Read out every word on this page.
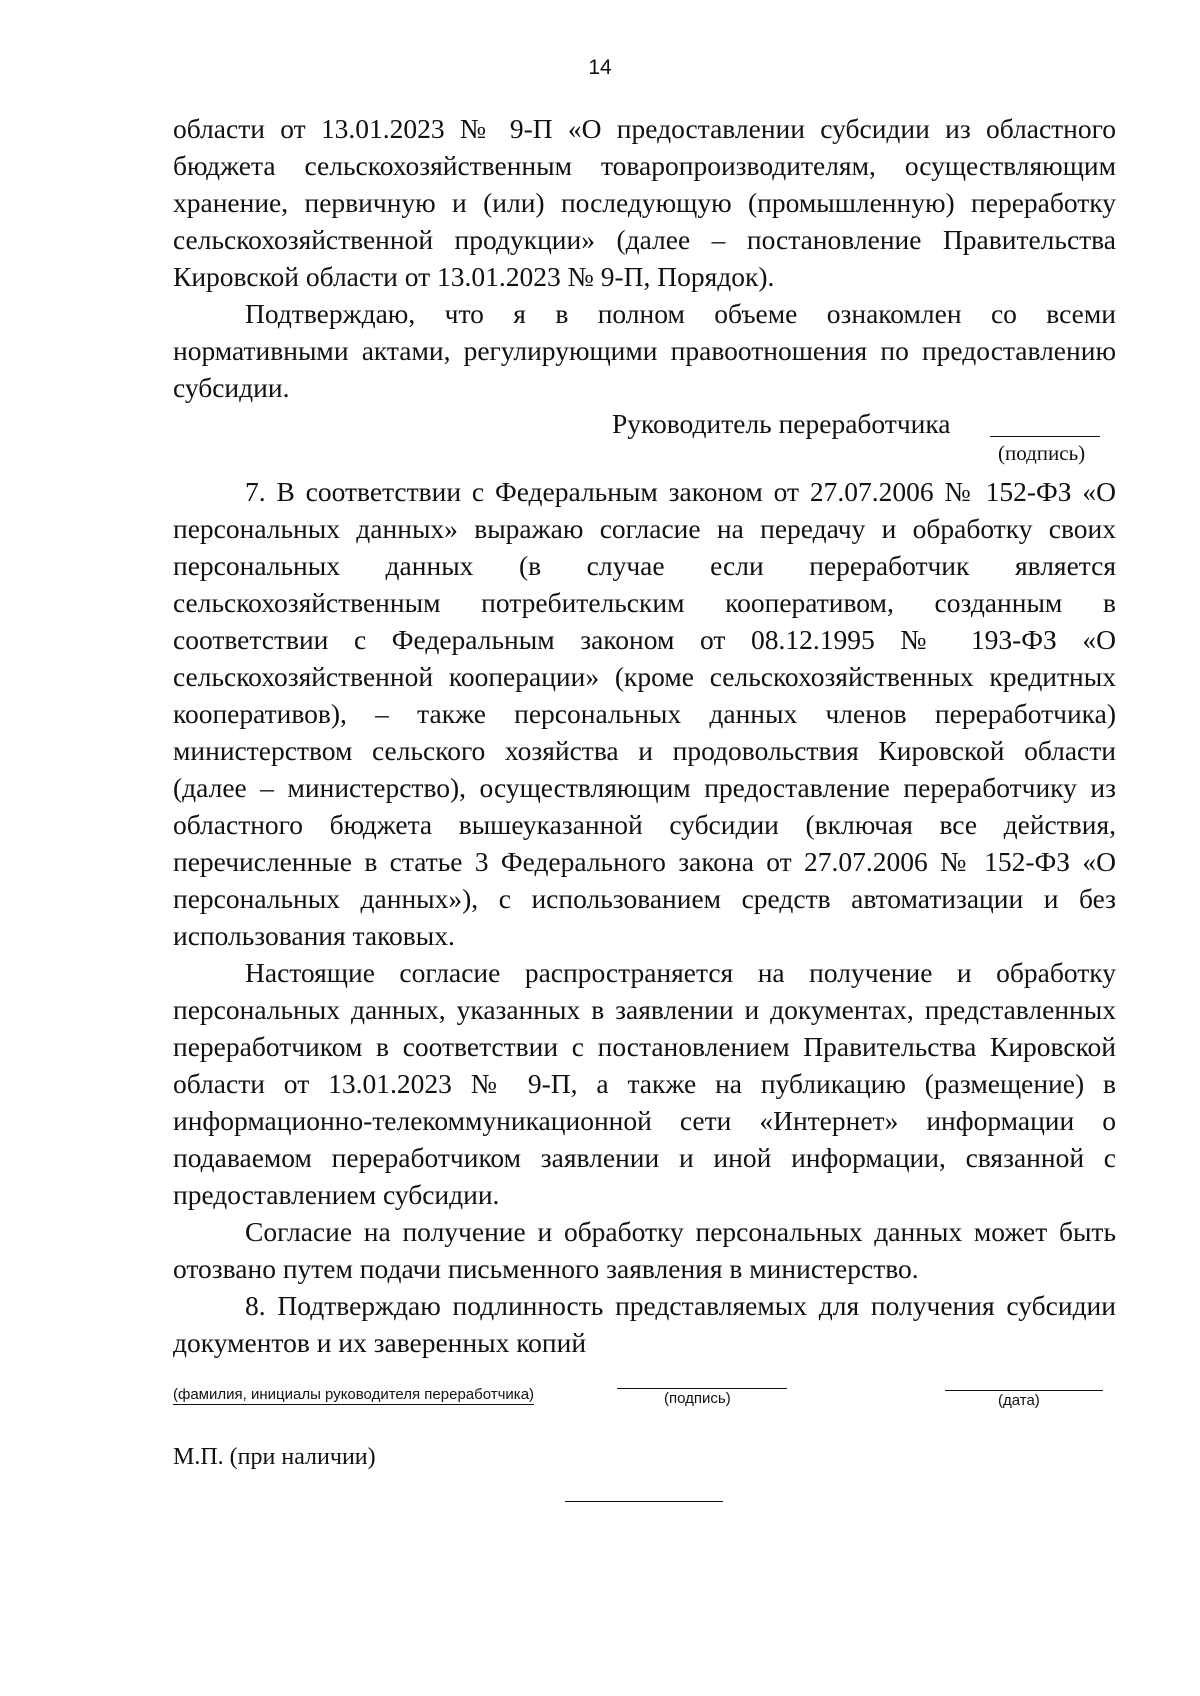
14

области от 13.01.2023 № 9-П «О предоставлении субсидии из областного бюджета сельскохозяйственным товаропроизводителям, осуществляющим хранение, первичную и (или) последующую (промышленную) переработку сельскохозяйственной продукции» (далее – постановление Правительства Кировской области от 13.01.2023 № 9-П, Порядок).

Подтверждаю, что я в полном объеме ознакомлен со всеми нормативными актами, регулирующими правоотношения по предоставлению субсидии.

Руководитель переработчика
(подпись)

7. В соответствии с Федеральным законом от 27.07.2006 № 152-ФЗ «О персональных данных» выражаю согласие на передачу и обработку своих персональных данных (в случае если переработчик является сельскохозяйственным потребительским кооперативом, созданным в соответствии с Федеральным законом от 08.12.1995 № 193-ФЗ «О сельскохозяйственной кооперации» (кроме сельскохозяйственных кредитных кооперативов), – также персональных данных членов переработчика) министерством сельского хозяйства и продовольствия Кировской области (далее – министерство), осуществляющим предоставление переработчику из областного бюджета вышеуказанной субсидии (включая все действия, перечисленные в статье 3 Федерального закона от 27.07.2006 № 152-ФЗ «О персональных данных»), с использованием средств автоматизации и без использования таковых.

Настоящие согласие распространяется на получение и обработку персональных данных, указанных в заявлении и документах, представленных переработчиком в соответствии с постановлением Правительства Кировской области от 13.01.2023 № 9-П, а также на публикацию (размещение) в информационно-телекоммуникационной сети «Интернет» информации о подаваемом переработчиком заявлении и иной информации, связанной с предоставлением субсидии.

Согласие на получение и обработку персональных данных может быть отозвано путем подачи письменного заявления в министерство.

8. Подтверждаю подлинность представляемых для получения субсидии документов и их заверенных копий

(фамилия, инициалы руководителя переработчика)	(подпись)	(дата)
М.П. (при наличии)
